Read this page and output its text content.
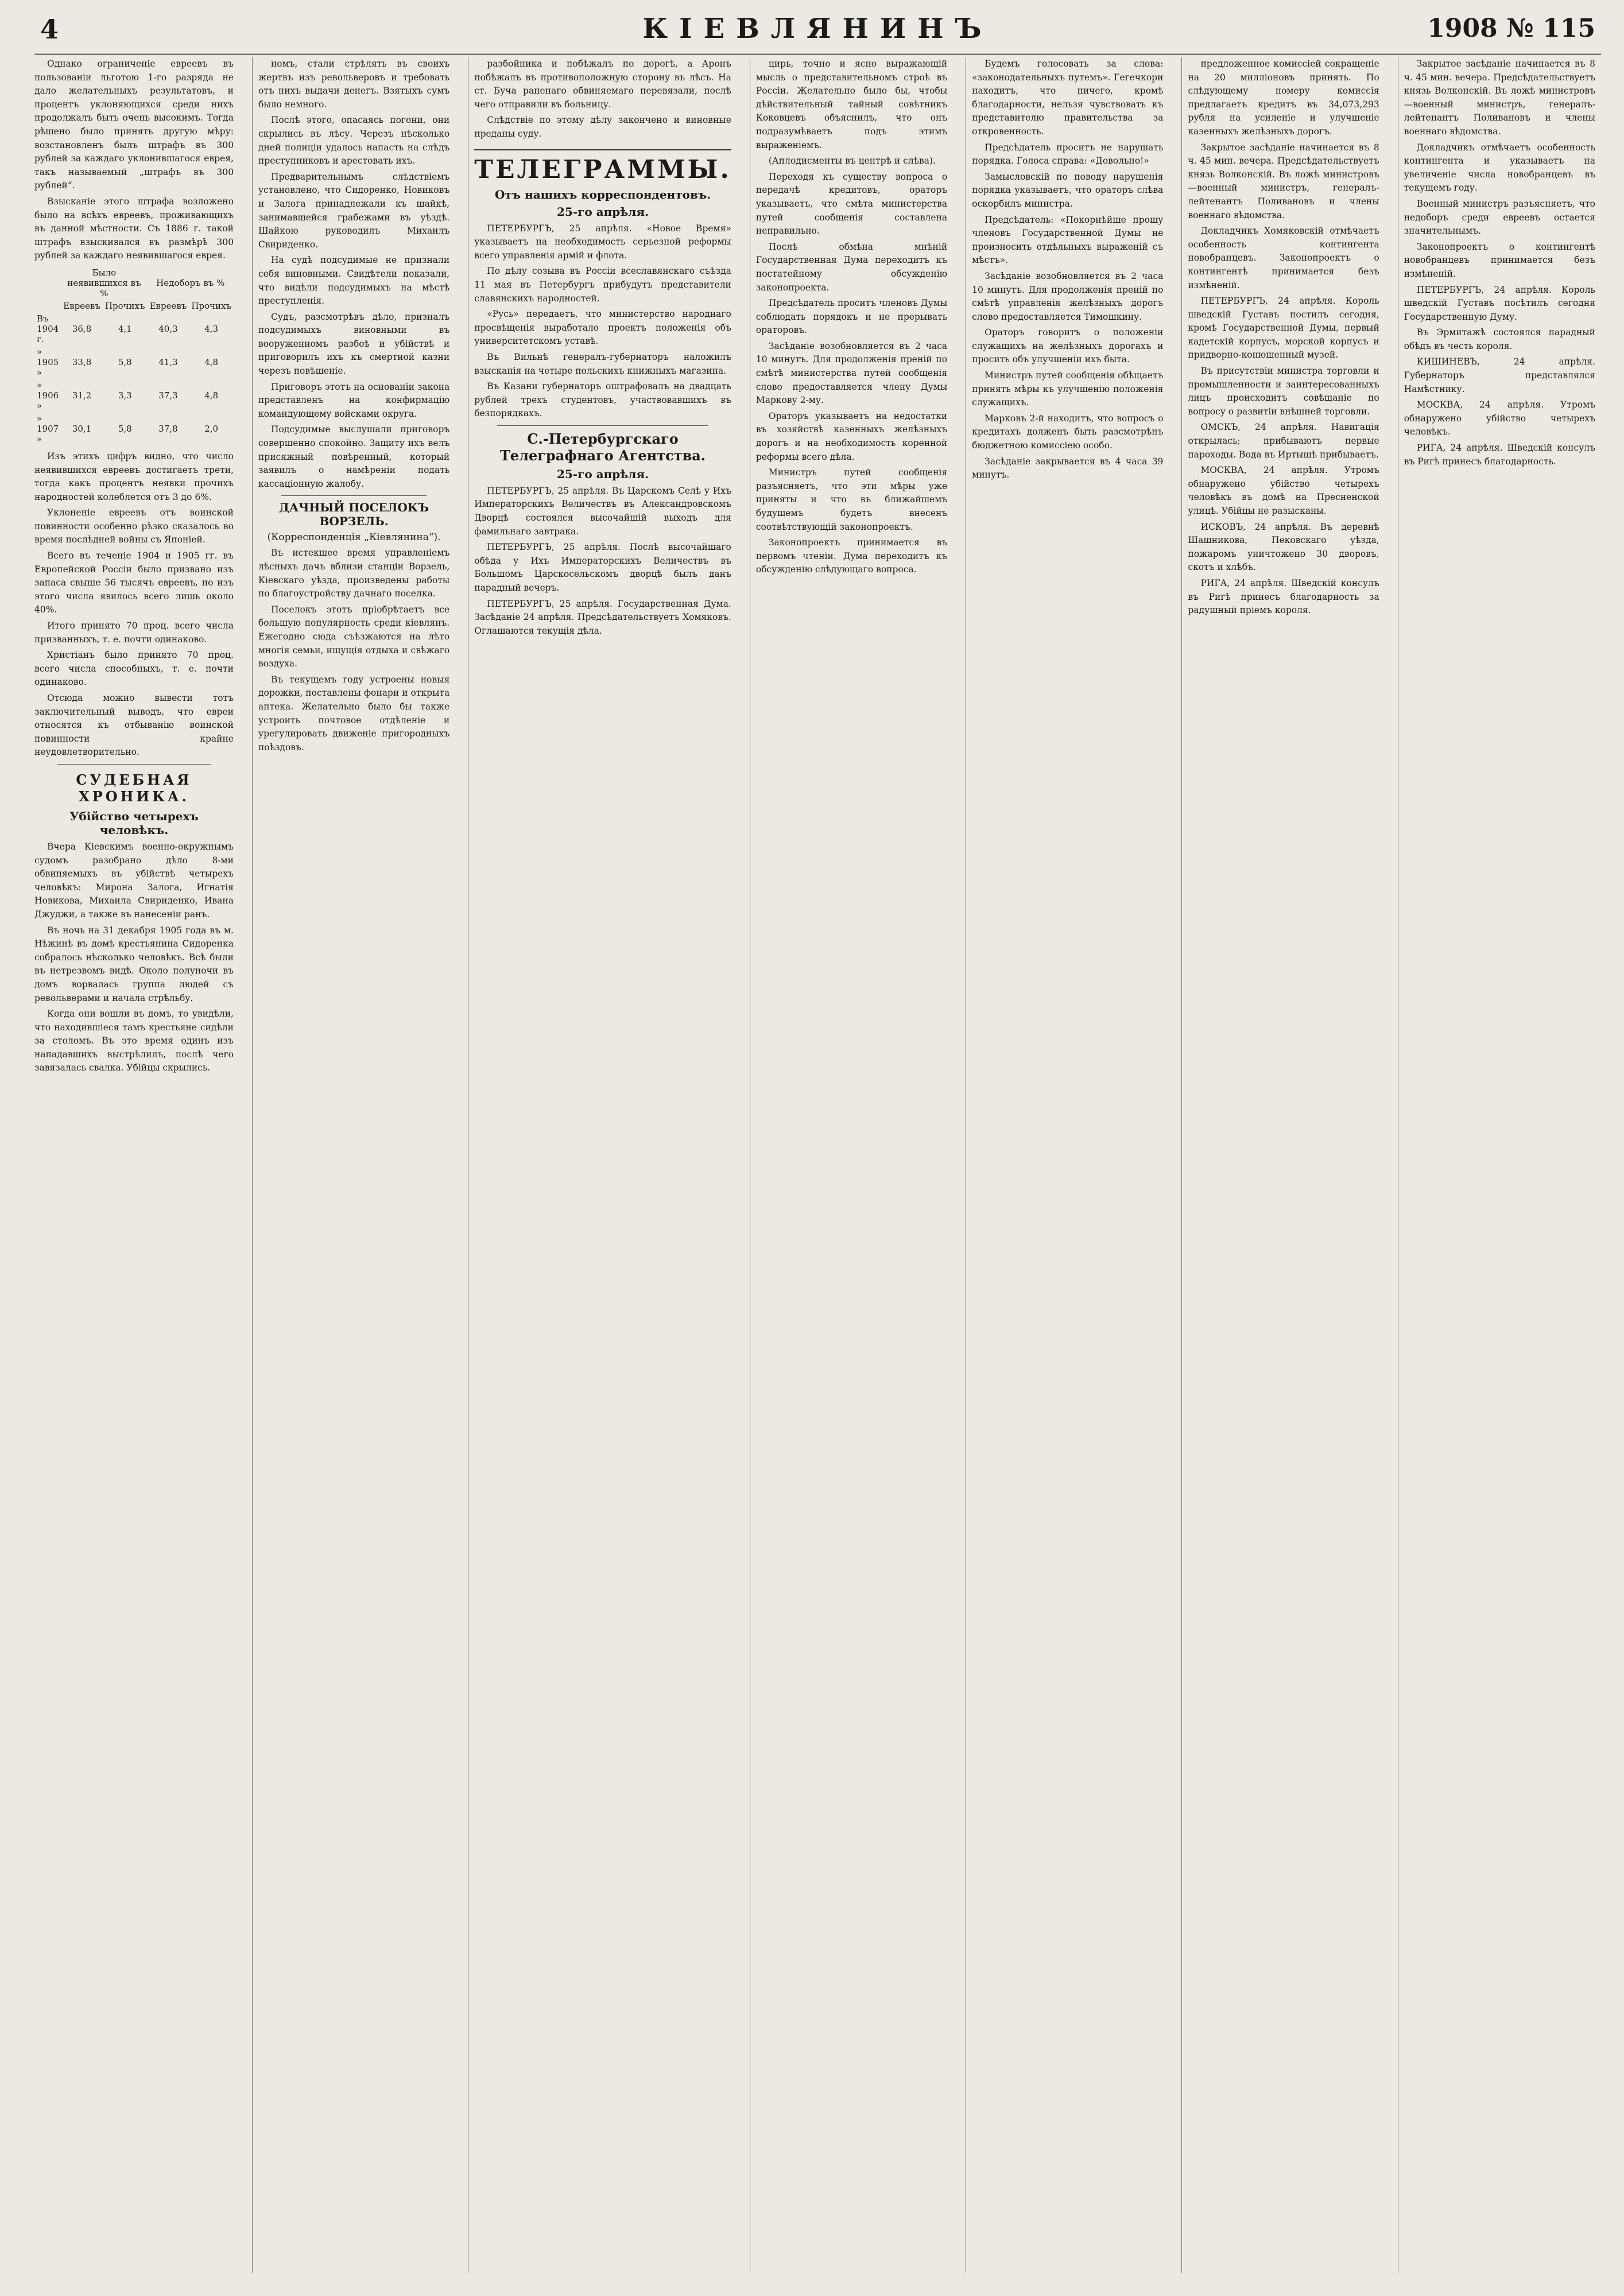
4	КІЕВЛЯНИНЪ	1908 № 115

Однако ограниченіе евреевъ въ пользованіи льготою 1-го разряда не дало желательныхъ результатовъ, и процентъ уклоняющихся среди нихъ продолжалъ быть очень высокимъ. Тогда рѣшено было принять другую мѣру: возстановленъ былъ штрафъ въ 300 рублей за каждаго уклонившагося еврея, такъ называемый „штрафъ въ 300 рублей“.

Взысканіе этого штрафа возложено было на всѣхъ евреевъ, проживающихъ въ данной мѣстности. Съ 1886 г. такой штрафъ взыскивался въ размѣрѣ 300 рублей за каждаго неявившагося еврея.

	Было неявившихся въ %		Недоборъ въ %	
	Евреевъ	Прочихъ	Евреевъ	Прочихъ
Въ 1904 г.	36,8	4,1	40,3	4,3
» 1905 »	33,8	5,8	41,3	4,8
» 1906 »	31,2	3,3	37,3	4,8
» 1907 »	30,1	5,8	37,8	2,0

Изъ этихъ цифръ видно, что число неявившихся евреевъ достигаетъ трети, тогда какъ процентъ неявки прочихъ народностей колеблется отъ 3 до 6%.

Уклоненіе евреевъ отъ воинской повинности особенно рѣзко сказалось во время послѣдней войны съ Японіей.

Всего въ теченіе 1904 и 1905 гг. въ Европейской Россіи было призвано изъ запаса свыше 56 тысячъ евреевъ, но изъ этого числа явилось всего лишь около 40%.

Итого принято 70 проц. всего числа призванныхъ, т. е. почти одинаково.

Христіанъ было принято 70 проц. всего числа способныхъ, т. е. почти одинаково.

Отсюда можно вывести тотъ заключительный выводъ, что евреи относятся къ отбыванію воинской повинности крайне неудовлетворительно.

СУДЕБНАЯ ХРОНИКА.
Убійство четырехъ человѣкъ.

Вчера Кіевскимъ военно-окружнымъ судомъ разобрано дѣло 8-ми обвиняемыхъ въ убійствѣ четырехъ человѣкъ: Мирона Залога, Игнатія Новикова, Михаила Свириденко, Ивана Джуджи, а также въ нанесеніи ранъ.

Въ ночь на 31 декабря 1905 года въ м. Нѣжинѣ въ домѣ крестьянина Сидоренка собралось нѣсколько человѣкъ. Всѣ были въ нетрезвомъ видѣ. Около полуночи въ домъ ворвалась группа людей съ револьверами и начала стрѣльбу.

Когда они вошли въ домъ, то увидѣли, что находившіеся тамъ крестьяне сидѣли за столомъ. Въ это время одинъ изъ нападавшихъ выстрѣлилъ, послѣ чего завязалась свалка. Убійцы скрылись.

номъ, стали стрѣлять въ своихъ жертвъ изъ револьверовъ и требовать отъ нихъ выдачи денегъ. Взятыхъ сумъ было немного.

Послѣ этого, опасаясь погони, они скрылись въ лѣсу. Черезъ нѣсколько дней полиціи удалось напасть на слѣдъ преступниковъ и арестовать ихъ.

Предварительнымъ слѣдствіемъ установлено, что Сидоренко, Новиковъ и Залога принадлежали къ шайкѣ, занимавшейся грабежами въ уѣздѣ. Шайкою руководилъ Михаилъ Свириденко.

На судѣ подсудимые не признали себя виновными. Свидѣтели показали, что видѣли подсудимыхъ на мѣстѣ преступленія.

Судъ, разсмотрѣвъ дѣло, призналъ подсудимыхъ виновными въ вооруженномъ разбоѣ и убійствѣ и приговорилъ ихъ къ смертной казни черезъ повѣшеніе.

Приговоръ этотъ на основаніи закона представленъ на конфирмацію командующему войсками округа.

Подсудимые выслушали приговоръ совершенно спокойно. Защиту ихъ велъ присяжный повѣренный, который заявилъ о намѣреніи подать кассаціонную жалобу.

ДАЧНЫЙ ПОСЕЛОКЪ ВОРЗЕЛЬ.
(Корреспонденція „Кіевлянина“).

Въ истекшее время управленіемъ лѣсныхъ дачъ вблизи станціи Ворзель, Кіевскаго уѣзда, произведены работы по благоустройству дачнаго поселка.

Поселокъ этотъ пріобрѣтаетъ все большую популярность среди кіевлянъ. Ежегодно сюда съѣзжаются на лѣто многія семьи, ищущія отдыха и свѣжаго воздуха.

Въ текущемъ году устроены новыя дорожки, поставлены фонари и открыта аптека. Желательно было бы также устроить почтовое отдѣленіе и урегулировать движеніе пригородныхъ поѣздовъ.

разбойника и побѣжалъ по дорогѣ, а Аронъ побѣжалъ въ противоположную сторону въ лѣсъ. На ст. Буча раненаго обвиняемаго перевязали, послѣ чего отправили въ больницу.

Слѣдствіе по этому дѣлу закончено и виновные преданы суду.

ТЕЛЕГРАММЫ.
Отъ нашихъ корреспондентовъ.
25-го апрѣля.

ПЕТЕРБУРГЪ, 25 апрѣля. «Новое Время» указываетъ на необходимость серьезной реформы всего управленія армій и флота.

По дѣлу созыва въ Россіи всеславянскаго съѣзда 11 мая въ Петербургъ прибудутъ представители славянскихъ народностей.

«Русь» передаетъ, что министерство народнаго просвѣщенія выработало проектъ положенія объ университетскомъ уставѣ.

Въ Вильнѣ генералъ-губернаторъ наложилъ взысканія на четыре польскихъ книжныхъ магазина.

Въ Казани губернаторъ оштрафовалъ на двадцать рублей трехъ студентовъ, участвовавшихъ въ безпорядкахъ.

С.-Петербургскаго Телеграфнаго Агентства.
25-го апрѣля.

ПЕТЕРБУРГЪ, 25 апрѣля. Въ Царскомъ Селѣ у Ихъ Императорскихъ Величествъ въ Александровскомъ Дворцѣ состоялся высочайшій выходъ для фамильнаго завтрака.

ПЕТЕРБУРГЪ, 25 апрѣля. Послѣ высочайшаго обѣда у Ихъ Императорскихъ Величествъ въ Большомъ Царскосельскомъ дворцѣ былъ данъ парадный вечеръ.

ПЕТЕРБУРГЪ, 25 апрѣля. Государственная Дума. Засѣданіе 24 апрѣля. Предсѣдательствуетъ Хомяковъ. Оглашаются текущія дѣла.

цирь, точно и ясно выражающій мысль о представительномъ строѣ въ Россіи. Желательно было бы, чтобы дѣйствительный тайный совѣтникъ Коковцевъ объяснилъ, что онъ подразумѣваетъ подъ этимъ выраженіемъ.

(Аплодисменты въ центрѣ и слѣва).

Переходя къ существу вопроса о передачѣ кредитовъ, ораторъ указываетъ, что смѣта министерства путей сообщенія составлена неправильно.

Послѣ обмѣна мнѣній Государственная Дума переходитъ къ постатейному обсужденію законопроекта.

Предсѣдатель проситъ членовъ Думы соблюдать порядокъ и не прерывать ораторовъ.

Засѣданіе возобновляется въ 2 часа 10 минутъ. Для продолженія преній по смѣтѣ министерства путей сообщенія слово предоставляется члену Думы Маркову 2-му.

Ораторъ указываетъ на недостатки въ хозяйствѣ казенныхъ желѣзныхъ дорогъ и на необходимость коренной реформы всего дѣла.

Министръ путей сообщенія разъясняетъ, что эти мѣры уже приняты и что въ ближайшемъ будущемъ будетъ внесенъ соотвѣтствующій законопроектъ.

Законопроектъ принимается въ первомъ чтеніи. Дума переходитъ къ обсужденію слѣдующаго вопроса.

Будемъ голосовать за слова: «законодательныхъ путемъ». Гегечкори находитъ, что ничего, кромѣ благодарности, нельзя чувствовать къ представителю правительства за откровенность.

Предсѣдатель проситъ не нарушать порядка. Голоса справа: «Довольно!»

Замысловскій по поводу нарушенія порядка указываетъ, что ораторъ слѣва оскорбилъ министра.

Предсѣдатель: «Покорнѣйше прошу членовъ Государственной Думы не произносить отдѣльныхъ выраженій съ мѣстъ».

Засѣданіе возобновляется въ 2 часа 10 минутъ. Для продолженія преній по смѣтѣ управленія желѣзныхъ дорогъ слово предоставляется Тимошкину.

Ораторъ говоритъ о положеніи служащихъ на желѣзныхъ дорогахъ и просить объ улучшеніи ихъ быта.

Министръ путей сообщенія обѣщаетъ принять мѣры къ улучшенію положенія служащихъ.

Марковъ 2-й находитъ, что вопросъ о кредитахъ долженъ быть разсмотрѣнъ бюджетною комиссіею особо.

Засѣданіе закрывается въ 4 часа 39 минутъ.

предложенное комиссіей сокращеніе на 20 милліоновъ принять. По слѣдующему номеру комиссія предлагаетъ кредитъ въ 34,073,293 рубля на усиленіе и улучшеніе казенныхъ желѣзныхъ дорогъ.

Закрытое засѣданіе начинается въ 8 ч. 45 мин. вечера. Предсѣдательствуетъ князь Волконскій. Въ ложѣ министровъ—военный министръ, генералъ-лейтенантъ Поливановъ и члены военнаго вѣдомства.

Докладчикъ Хомяковскій отмѣчаетъ особенность контингента новобранцевъ. Законопроектъ о контингентѣ принимается безъ измѣненій.

ПЕТЕРБУРГЪ, 24 апрѣля. Король шведскій Густавъ постилъ сегодня, кромѣ Государственной Думы, первый кадетскій корпусъ, морской корпусъ и придворно-конюшенный музей.

Въ присутствіи министра торговли и промышленности и заинтересованныхъ лицъ происходитъ совѣщаніе по вопросу о развитіи внѣшней торговли.

ОМСКЪ, 24 апрѣля. Навигація открылась; прибываютъ первые пароходы. Вода въ Иртышѣ прибываетъ.

МОСКВА, 24 апрѣля. Утромъ обнаружено убійство четырехъ человѣкъ въ домѣ на Пресненской улицѣ. Убійцы не разысканы.

ИСКОВЪ, 24 апрѣля. Въ деревнѣ Шашникова, Пековскаго уѣзда, пожаромъ уничтожено 30 дворовъ, скотъ и хлѣбъ.

РИГА, 24 апрѣля. Шведскій консулъ въ Ригѣ принесъ благодарность за радушный пріемъ короля.

Закрытое засѣданіе начинается въ 8 ч. 45 мин. вечера. Предсѣдательствуетъ князь Волконскій. Въ ложѣ министровъ—военный министръ, генералъ-лейтенантъ Поливановъ и члены военнаго вѣдомства.

Докладчикъ отмѣчаетъ особенность контингента и указываетъ на увеличеніе числа новобранцевъ въ текущемъ году.

Военный министръ разъясняетъ, что недоборъ среди евреевъ остается значительнымъ.

Законопроектъ о контингентѣ новобранцевъ принимается безъ измѣненій.

ПЕТЕРБУРГЪ, 24 апрѣля. Король шведскій Густавъ посѣтилъ сегодня Государственную Думу.

Въ Эрмитажѣ состоялся парадный обѣдъ въ честь короля.

КИШИНЕВЪ, 24 апрѣля. Губернаторъ представлялся Намѣстнику.

МОСКВА, 24 апрѣля. Утромъ обнаружено убійство четырехъ человѣкъ.

РИГА, 24 апрѣля. Шведскій консулъ въ Ригѣ принесъ благодарность.
